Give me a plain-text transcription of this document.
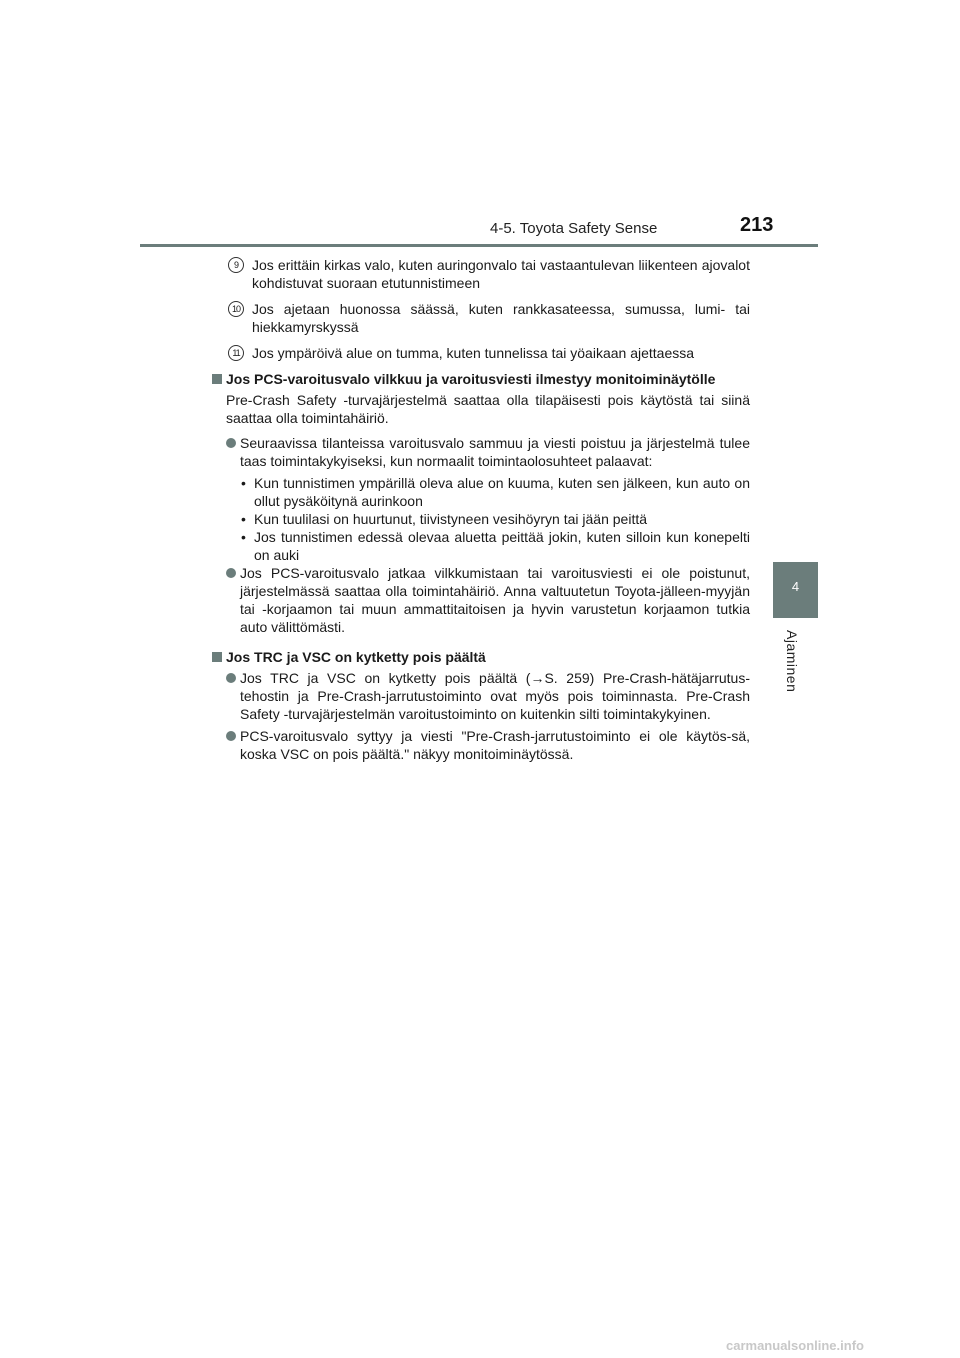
4-5. Toyota Safety Sense	213
4
Ajaminen
9	Jos erittäin kirkas valo, kuten auringonvalo tai vastaantulevan liikenteen ajovalot kohdistuvat suoraan etutunnistimeen
10 Jos ajetaan huonossa säässä, kuten rankkasateessa, sumussa, lumi- tai hiekkamyrskyssä
11 Jos ympäröivä alue on tumma, kuten tunnelissa tai yöaikaan ajettaessa
Jos PCS-varoitusvalo vilkkuu ja varoitusviesti ilmestyy monitoiminäytölle
Pre-Crash Safety -turvajärjestelmä saattaa olla tilapäisesti pois käytöstä tai siinä saattaa olla toimintahäiriö.
Seuraavissa tilanteissa varoitusvalo sammuu ja viesti poistuu ja järjestelmä tulee taas toimintakykyiseksi, kun normaalit toimintaolosuhteet palaavat:
• Kun tunnistimen ympärillä oleva alue on kuuma, kuten sen jälkeen, kun auto on ollut pysäköitynä aurinkoon
• Kun tuulilasi on huurtunut, tiivistyneen vesihöyryn tai jään peittä
• Jos tunnistimen edessä olevaa aluetta peittää jokin, kuten silloin kun konepelti on auki
Jos PCS-varoitusvalo jatkaa vilkkumistaan tai varoitusviesti ei ole poistunut, järjestelmässä saattaa olla toimintahäiriö. Anna valtuutetun Toyota-jälleen-myyjän tai -korjaamon tai muun ammattitaitoisen ja hyvin varustetun korjaamon tutkia auto välittömästi.
Jos TRC ja VSC on kytketty pois päältä
Jos TRC ja VSC on kytketty pois päältä (→S. 259) Pre-Crash-hätäjarrutus-tehostin ja Pre-Crash-jarrutustoiminto ovat myös pois toiminnasta. Pre-Crash Safety -turvajärjestelmän varoitustoiminto on kuitenkin silti toimintakykyinen.
PCS-varoitusvalo syttyy ja viesti "Pre-Crash-jarrutustoiminto ei ole käytös-sä, koska VSC on pois päältä." näkyy monitoiminäytössä.
carmanualsonline.info
